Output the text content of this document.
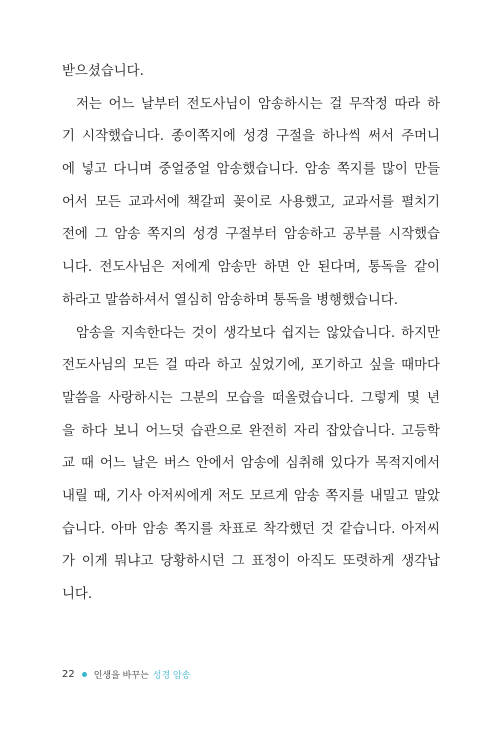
받으셨습니다.
저는 어느 날부터 전도사님이 암송하시는 걸 무작정 따라 하
기 시작했습니다. 종이쪽지에 성경 구절을 하나씩 써서 주머니
에 넣고 다니며 중얼중얼 암송했습니다. 암송 쪽지를 많이 만들
어서 모든 교과서에 책갈피 꽂이로 사용했고, 교과서를 펼치기
전에 그 암송 쪽지의 성경 구절부터 암송하고 공부를 시작했습
니다. 전도사님은 저에게 암송만 하면 안 된다며, 통독을 같이
하라고 말씀하셔서 열심히 암송하며 통독을 병행했습니다.
암송을 지속한다는 것이 생각보다 쉽지는 않았습니다. 하지만
전도사님의 모든 걸 따라 하고 싶었기에, 포기하고 싶을 때마다
말씀을 사랑하시는 그분의 모습을 떠올렸습니다. 그렇게 몇 년
을 하다 보니 어느덧 습관으로 완전히 자리 잡았습니다. 고등학
교 때 어느 날은 버스 안에서 암송에 심취해 있다가 목적지에서
내릴 때, 기사 아저씨에게 저도 모르게 암송 쪽지를 내밀고 말았
습니다. 아마 암송 쪽지를 차표로 착각했던 것 같습니다. 아저씨
가 이게 뭐냐고 당황하시던 그 표정이 아직도 또렷하게 생각납
니다.
22 인생을 바꾸는 성경 암송
